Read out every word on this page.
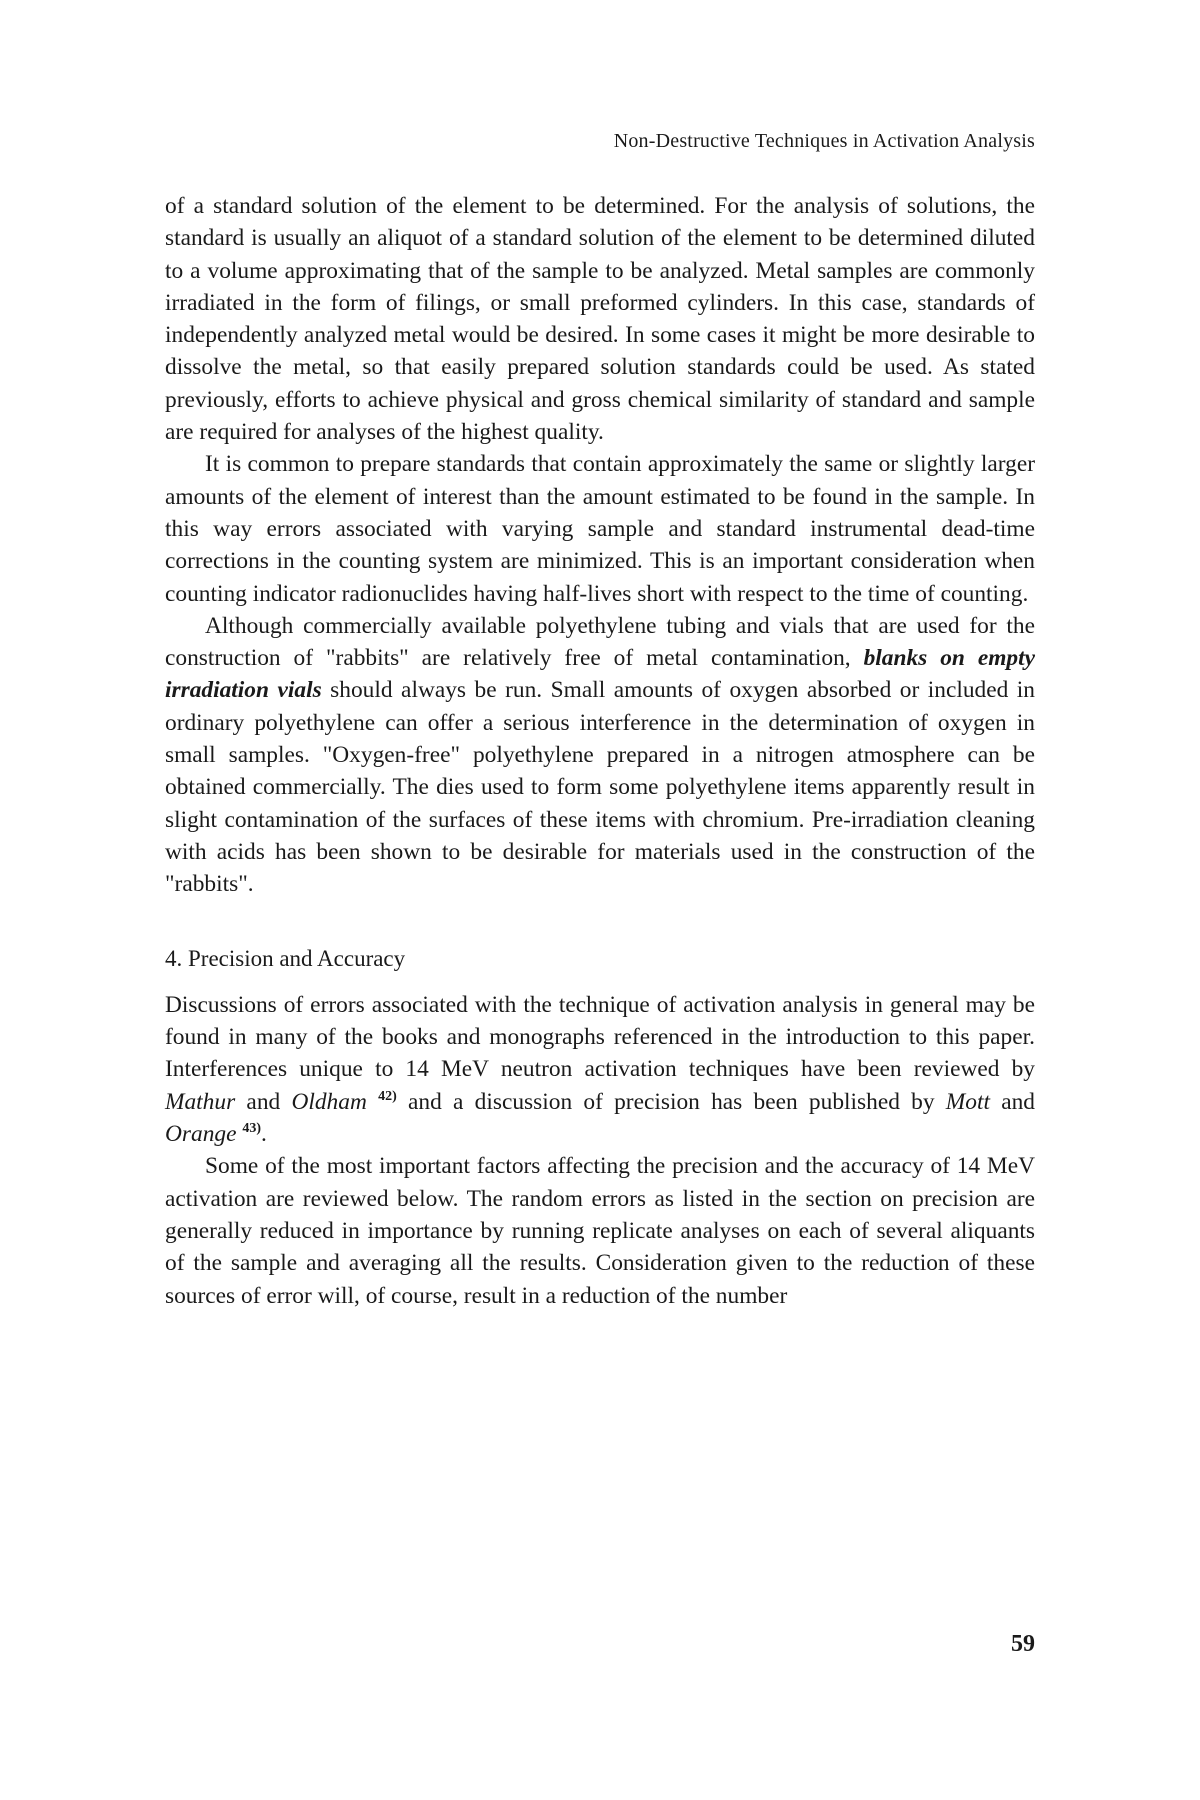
Non-Destructive Techniques in Activation Analysis

of a standard solution of the element to be determined. For the analysis of solutions, the standard is usually an aliquot of a standard solution of the element to be determined diluted to a volume approximating that of the sample to be analyzed. Metal samples are commonly irradiated in the form of filings, or small preformed cylinders. In this case, standards of independently analyzed metal would be desired. In some cases it might be more desirable to dissolve the metal, so that easily prepared solution standards could be used. As stated previously, efforts to achieve physical and gross chemical similarity of standard and sample are required for analyses of the highest quality.

It is common to prepare standards that contain approximately the same or slightly larger amounts of the element of interest than the amount estimated to be found in the sample. In this way errors associated with varying sample and standard instrumental dead-time corrections in the counting system are minimized. This is an important consideration when counting indicator radionuclides having half-lives short with respect to the time of counting.

Although commercially available polyethylene tubing and vials that are used for the construction of "rabbits" are relatively free of metal contamination, blanks on empty irradiation vials should always be run. Small amounts of oxygen absorbed or included in ordinary polyethylene can offer a serious interference in the determination of oxygen in small samples. "Oxygen-free" polyethylene prepared in a nitrogen atmosphere can be obtained commercially. The dies used to form some polyethylene items apparently result in slight contamination of the surfaces of these items with chromium. Pre-irradiation cleaning with acids has been shown to be desirable for materials used in the construction of the "rabbits".

4. Precision and Accuracy

Discussions of errors associated with the technique of activation analysis in general may be found in many of the books and monographs referenced in the introduction to this paper. Interferences unique to 14 MeV neutron activation techniques have been reviewed by Mathur and Oldham $^{42)}$ and a discussion of precision has been published by Mott and Orange $^{43)}$.

Some of the most important factors affecting the precision and the accuracy of 14 MeV activation are reviewed below. The random errors as listed in the section on precision are generally reduced in importance by running replicate analyses on each of several aliquants of the sample and averaging all the results. Consideration given to the reduction of these sources of error will, of course, result in a reduction of the number

59
